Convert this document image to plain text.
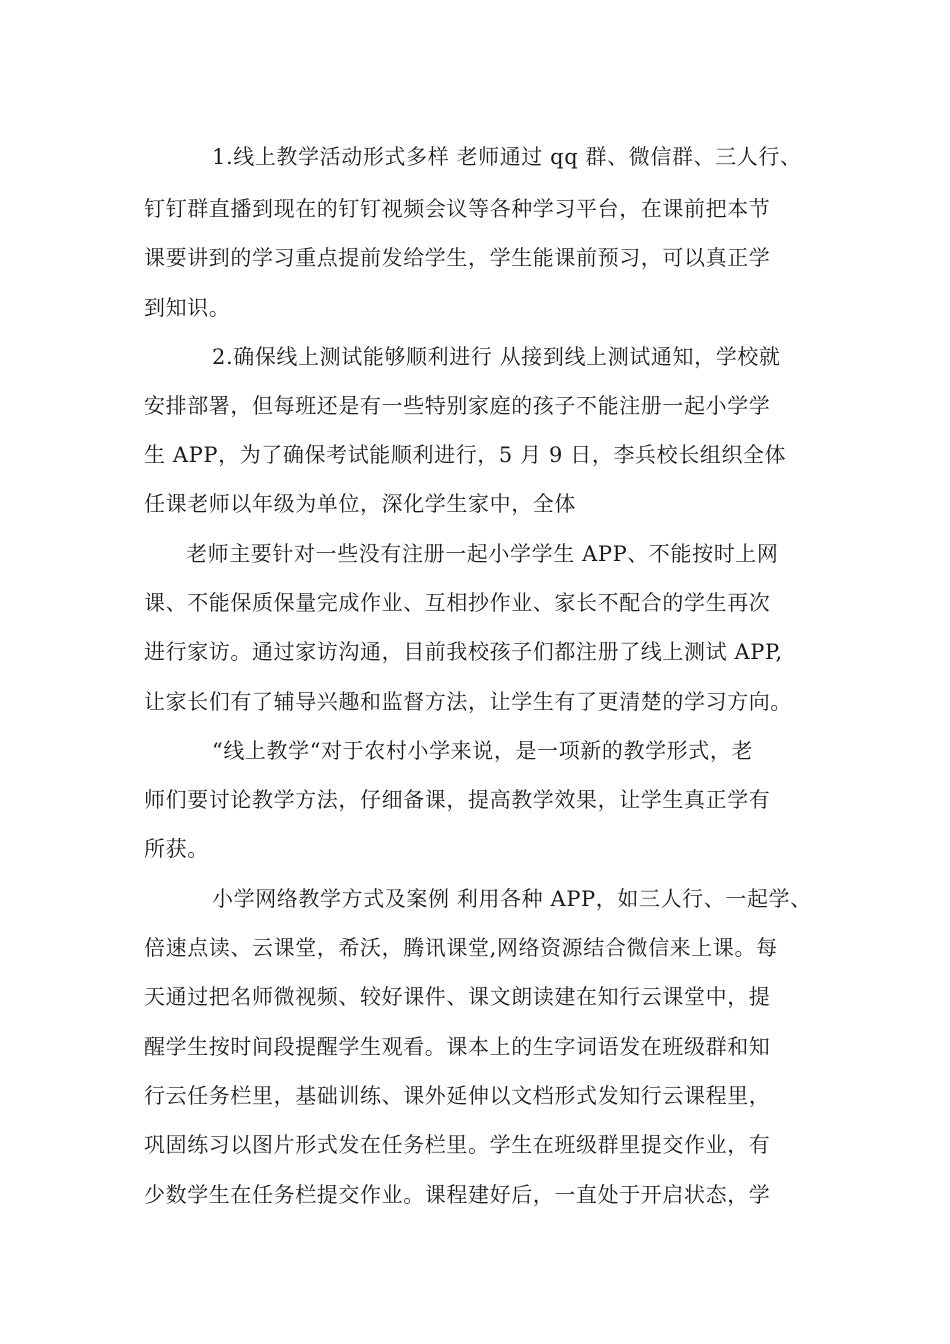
1.线上教学活动形式多样 老师通过 qq 群、微信群、三人行、
钉钉群直播到现在的钉钉视频会议等各种学习平台，在课前把本节
课要讲到的学习重点提前发给学生，学生能课前预习，可以真正学
到知识。
2.确保线上测试能够顺利进行 从接到线上测试通知，学校就
安排部署，但每班还是有一些特别家庭的孩子不能注册一起小学学
生 APP，为了确保考试能顺利进行，5 月 9 日，李兵校长组织全体
任课老师以年级为单位，深化学生家中，全体
老师主要针对一些没有注册一起小学学生 APP、不能按时上网
课、不能保质保量完成作业、互相抄作业、家长不配合的学生再次
进行家访。通过家访沟通，目前我校孩子们都注册了线上测试 APP,
让家长们有了辅导兴趣和监督方法，让学生有了更清楚的学习方向。
“线上教学“对于农村小学来说，是一项新的教学形式，老
师们要讨论教学方法，仔细备课，提高教学效果，让学生真正学有
所获。
小学网络教学方式及案例 利用各种 APP，如三人行、一起学、
倍速点读、云课堂，希沃，腾讯课堂,网络资源结合微信来上课。每
天通过把名师微视频、较好课件、课文朗读建在知行云课堂中，提
醒学生按时间段提醒学生观看。课本上的生字词语发在班级群和知
行云任务栏里，基础训练、课外延伸以文档形式发知行云课程里，
巩固练习以图片形式发在任务栏里。学生在班级群里提交作业，有
少数学生在任务栏提交作业。课程建好后，一直处于开启状态，学
